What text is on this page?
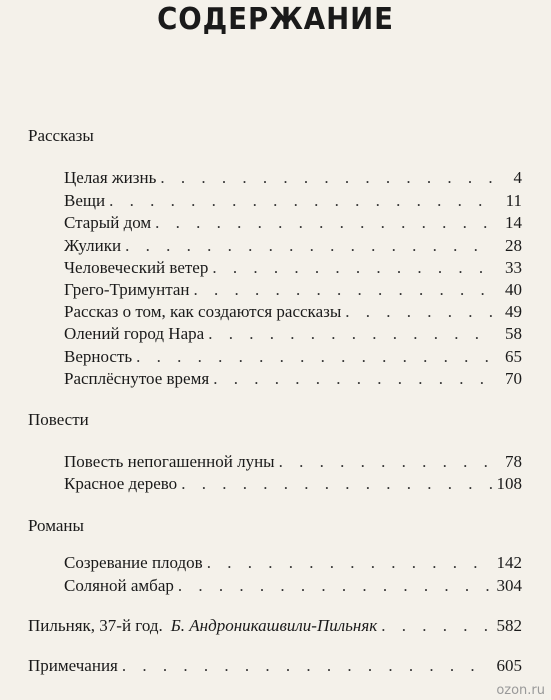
СОДЕРЖАНИЕ
Рассказы
Целая жизнь . . .	4
Вещи . . .	11
Старый дом . . .	14
Жулики . . .	28
Человеческий ветер . . .	33
Грего-Тримунтан . . .	40
Рассказ о том, как создаются рассказы . . .	49
Олений город Нара . . .	58
Верность . . .	65
Расплёснутое время . . .	70
Повести
Повесть непогашенной луны . . .	78
Красное дерево . . .	108
Романы
Созревание плодов . . .	142
Соляной амбар . . .	304
Пильняк, 37-й год. Б. Андроникашвили-Пильняк . . .	582
Примечания . . .	605
ozon.ru
